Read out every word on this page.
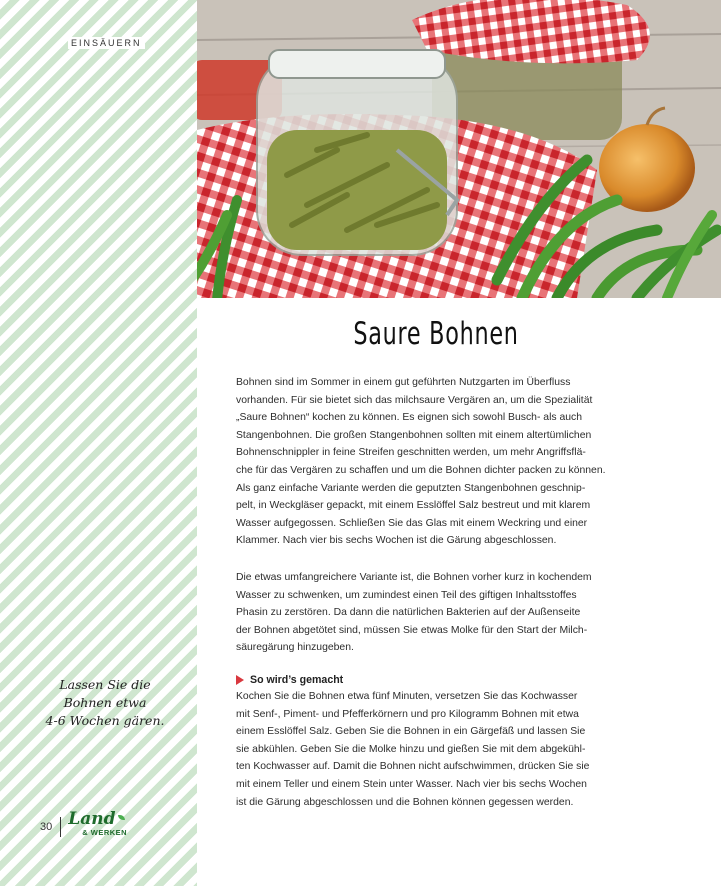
EINSÄUERN
Lassen Sie die
Bohnen etwa
4-6 Wochen gären.
30 Land
& WERKEN
Saure Bohnen
Bohnen sind im Sommer in einem gut geführten Nutzgarten im Überfluss
vorhanden. Für sie bietet sich das milchsaure Vergären an, um die Spezialität
„Saure Bohnen“ kochen zu können. Es eignen sich sowohl Busch- als auch
Stangenbohnen. Die großen Stangenbohnen sollten mit einem altertümlichen
Bohnenschnippler in feine Streifen geschnitten werden, um mehr Angriffsflä-
che für das Vergären zu schaffen und um die Bohnen dichter packen zu können.
Als ganz einfache Variante werden die geputzten Stangenbohnen geschnip-
pelt, in Weckgläser gepackt, mit einem Esslöffel Salz bestreut und mit klarem
Wasser aufgegossen. Schließen Sie das Glas mit einem Weckring und einer
Klammer. Nach vier bis sechs Wochen ist die Gärung abgeschlossen.
Die etwas umfangreichere Variante ist, die Bohnen vorher kurz in kochendem
Wasser zu schwenken, um zumindest einen Teil des giftigen Inhaltsstoffes
Phasin zu zerstören. Da dann die natürlichen Bakterien auf der Außenseite
der Bohnen abgetötet sind, müssen Sie etwas Molke für den Start der Milch-
säuregärung hinzugeben.
So wird’s gemacht
Kochen Sie die Bohnen etwa fünf Minuten, versetzen Sie das Kochwasser
mit Senf-, Piment- und Pfefferkörnern und pro Kilogramm Bohnen mit etwa
einem Esslöffel Salz. Geben Sie die Bohnen in ein Gärgefäß und lassen Sie
sie abkühlen. Geben Sie die Molke hinzu und gießen Sie mit dem abgekühl-
ten Kochwasser auf. Damit die Bohnen nicht aufschwimmen, drücken Sie sie
mit einem Teller und einem Stein unter Wasser. Nach vier bis sechs Wochen
ist die Gärung abgeschlossen und die Bohnen können gegessen werden.
